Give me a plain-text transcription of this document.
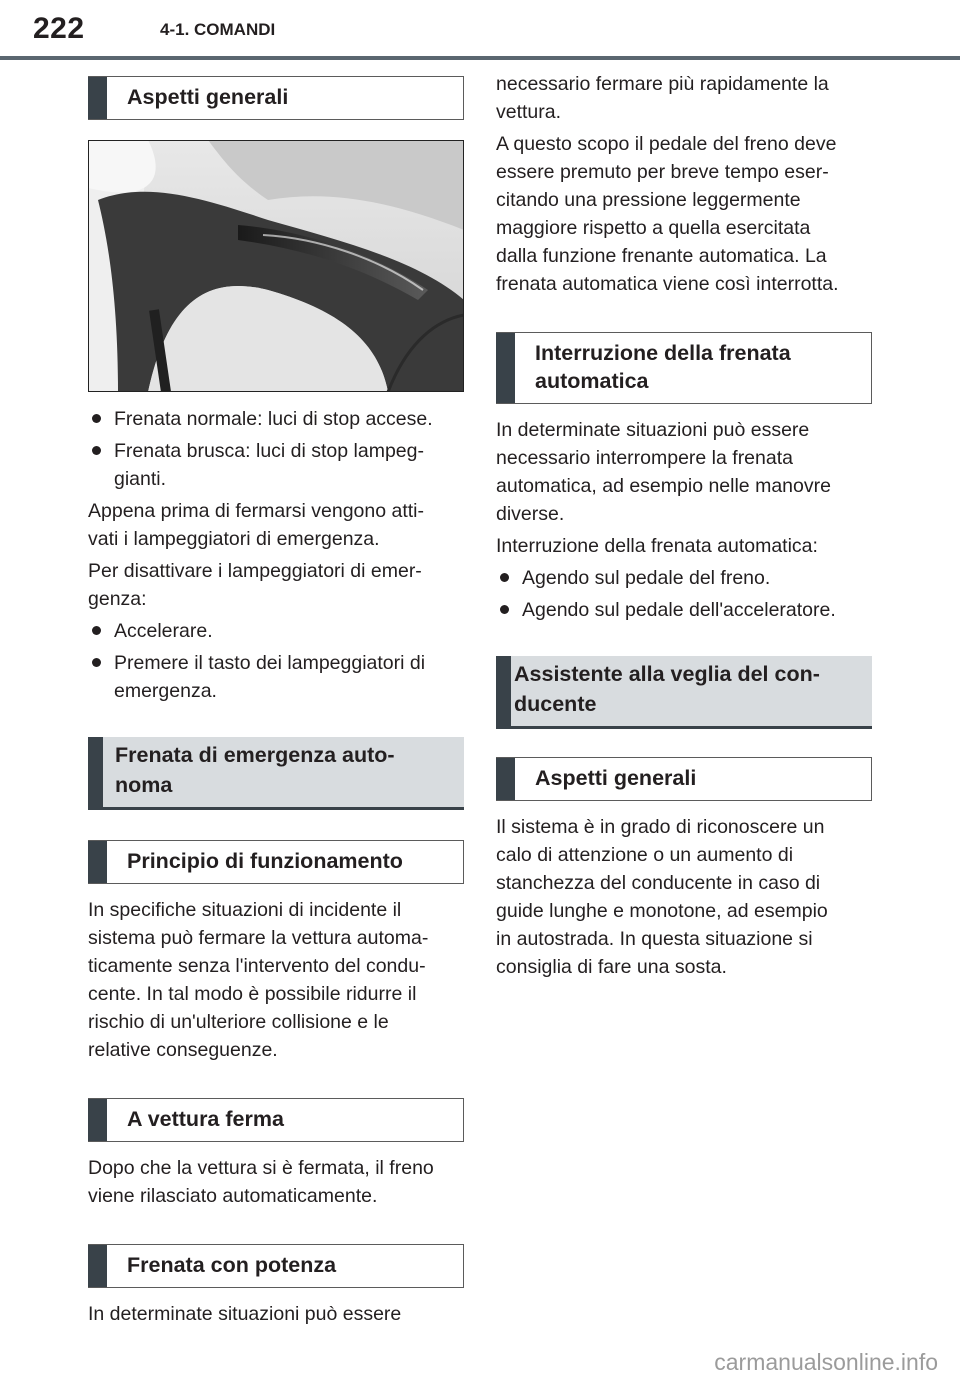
222	4-1. COMANDI
Aspetti generali
Frenata normale: luci di stop accese.
Frenata brusca: luci di stop lampeg-
gianti.

Appena prima di fermarsi vengono atti-
vati i lampeggiatori di emergenza.

Per disattivare i lampeggiatori di emer-
genza:

Accelerare.
Premere il tasto dei lampeggiatori di
emergenza.
Frenata di emergenza auto-
noma
Principio di funzionamento

In specifiche situazioni di incidente il
sistema può fermare la vettura automa-
ticamente senza l'intervento del condu-
cente. In tal modo è possibile ridurre il
rischio di un'ulteriore collisione e le
relative conseguenze.

A vettura ferma

Dopo che la vettura si è fermata, il freno
viene rilasciato automaticamente.

Frenata con potenza

In determinate situazioni può essere

necessario fermare più rapidamente la
vettura.

A questo scopo il pedale del freno deve
essere premuto per breve tempo eser-
citando una pressione leggermente
maggiore rispetto a quella esercitata
dalla funzione frenante automatica. La
frenata automatica viene così interrotta.

Interruzione della frenata
automatica

In determinate situazioni può essere
necessario interrompere la frenata
automatica, ad esempio nelle manovre
diverse.

Interruzione della frenata automatica:

Agendo sul pedale del freno.
Agendo sul pedale dell'acceleratore.
Assistente alla veglia del con-
ducente
Aspetti generali

Il sistema è in grado di riconoscere un
calo di attenzione o un aumento di
stanchezza del conducente in caso di
guide lunghe e monotone, ad esempio
in autostrada. In questa situazione si
consiglia di fare una sosta.

carmanualsonline.info
